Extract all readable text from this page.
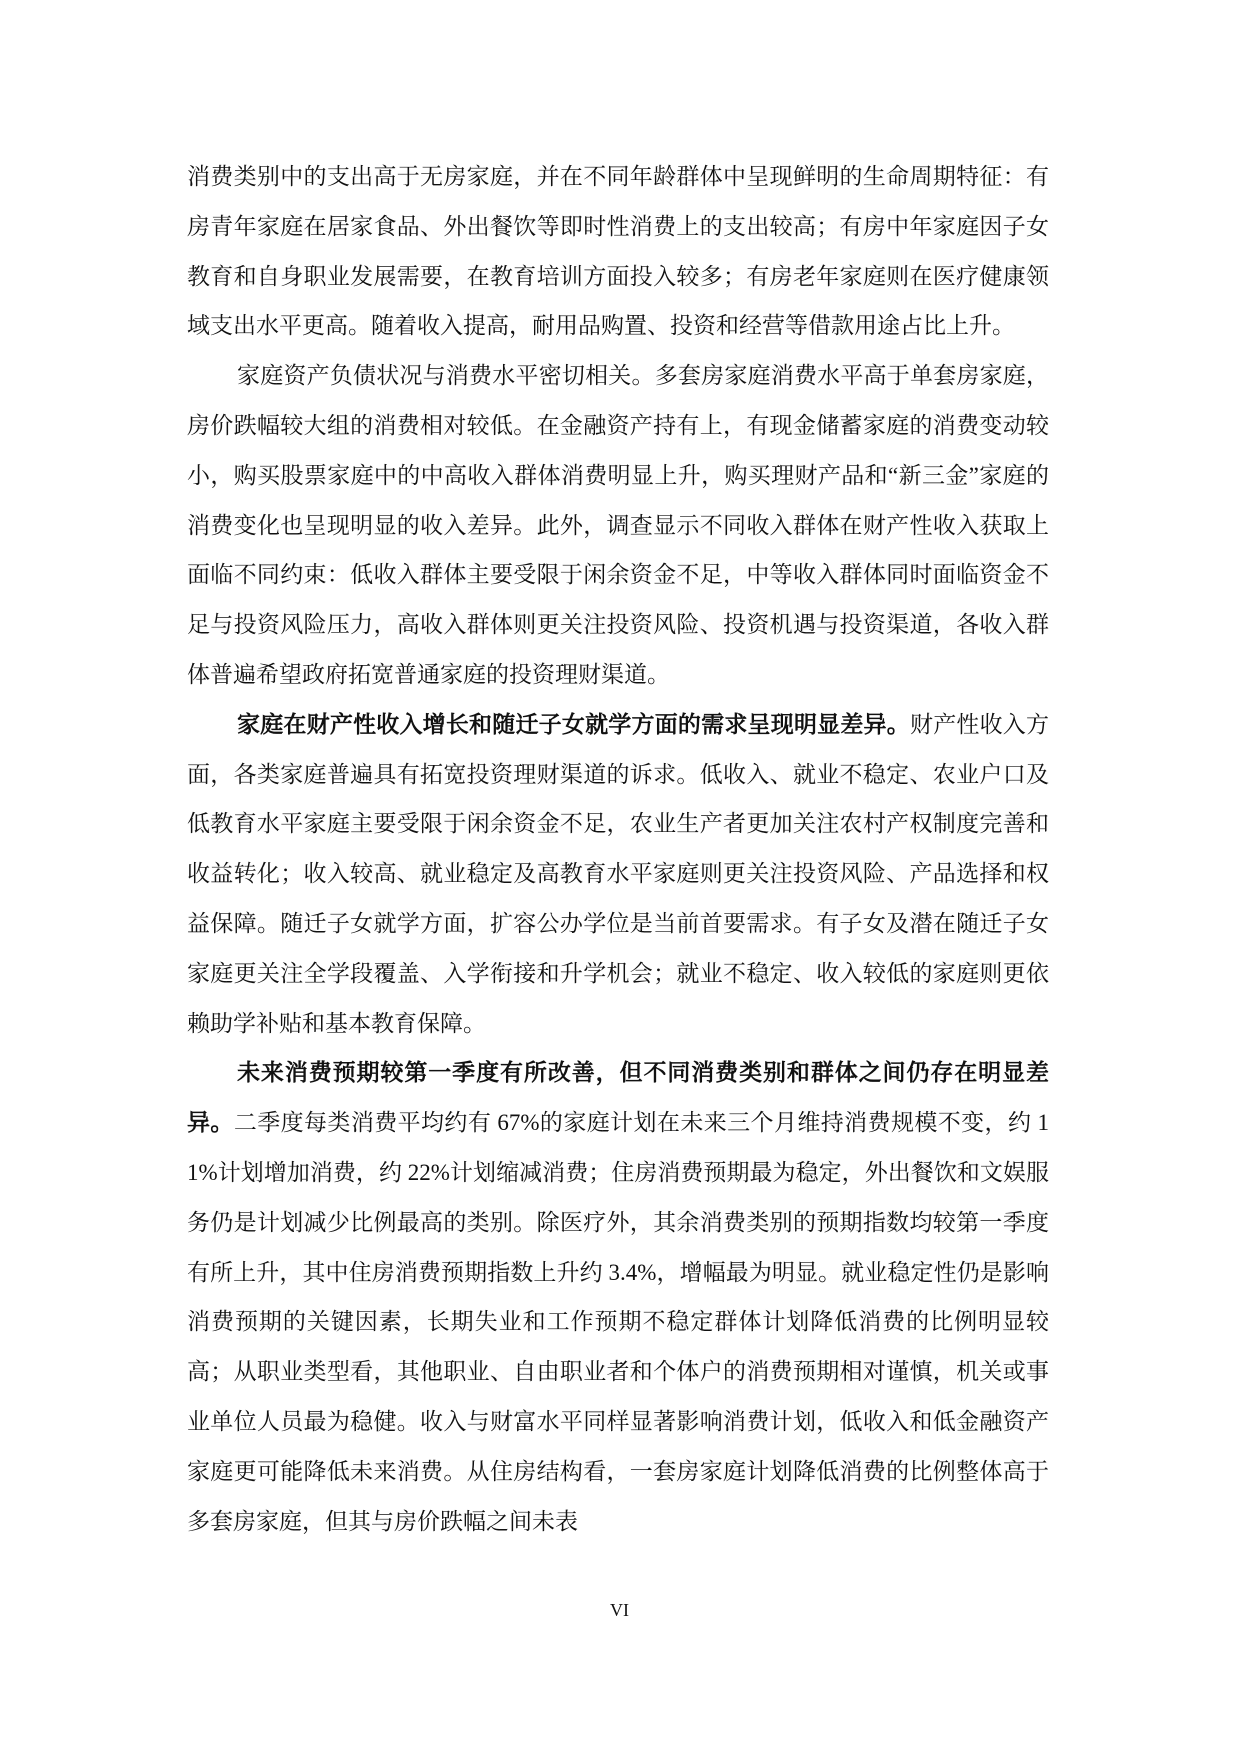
消费类别中的支出高于无房家庭，并在不同年龄群体中呈现鲜明的生命周期特征：有房青年家庭在居家食品、外出餐饮等即时性消费上的支出较高；有房中年家庭因子女教育和自身职业发展需要，在教育培训方面投入较多；有房老年家庭则在医疗健康领域支出水平更高。随着收入提高，耐用品购置、投资和经营等借款用途占比上升。

家庭资产负债状况与消费水平密切相关。多套房家庭消费水平高于单套房家庭，房价跌幅较大组的消费相对较低。在金融资产持有上，有现金储蓄家庭的消费变动较小，购买股票家庭中的中高收入群体消费明显上升，购买理财产品和“新三金”家庭的消费变化也呈现明显的收入差异。此外，调查显示不同收入群体在财产性收入获取上面临不同约束：低收入群体主要受限于闲余资金不足，中等收入群体同时面临资金不足与投资风险压力，高收入群体则更关注投资风险、投资机遇与投资渠道，各收入群体普遍希望政府拓宽普通家庭的投资理财渠道。

家庭在财产性收入增长和随迁子女就学方面的需求呈现明显差异。财产性收入方面，各类家庭普遍具有拓宽投资理财渠道的诉求。低收入、就业不稳定、农业户口及低教育水平家庭主要受限于闲余资金不足，农业生产者更加关注农村产权制度完善和收益转化；收入较高、就业稳定及高教育水平家庭则更关注投资风险、产品选择和权益保障。随迁子女就学方面，扩容公办学位是当前首要需求。有子女及潜在随迁子女家庭更关注全学段覆盖、入学衔接和升学机会；就业不稳定、收入较低的家庭则更依赖助学补贴和基本教育保障。

未来消费预期较第一季度有所改善，但不同消费类别和群体之间仍存在明显差异。二季度每类消费平均约有 67%的家庭计划在未来三个月维持消费规模不变，约 11%计划增加消费，约 22%计划缩减消费；住房消费预期最为稳定，外出餐饮和文娱服务仍是计划减少比例最高的类别。除医疗外，其余消费类别的预期指数均较第一季度有所上升，其中住房消费预期指数上升约 3.4%，增幅最为明显。就业稳定性仍是影响消费预期的关键因素，长期失业和工作预期不稳定群体计划降低消费的比例明显较高；从职业类型看，其他职业、自由职业者和个体户的消费预期相对谨慎，机关或事业单位人员最为稳健。收入与财富水平同样显著影响消费计划，低收入和低金融资产家庭更可能降低未来消费。从住房结构看，一套房家庭计划降低消费的比例整体高于多套房家庭，但其与房价跌幅之间未表

VI
